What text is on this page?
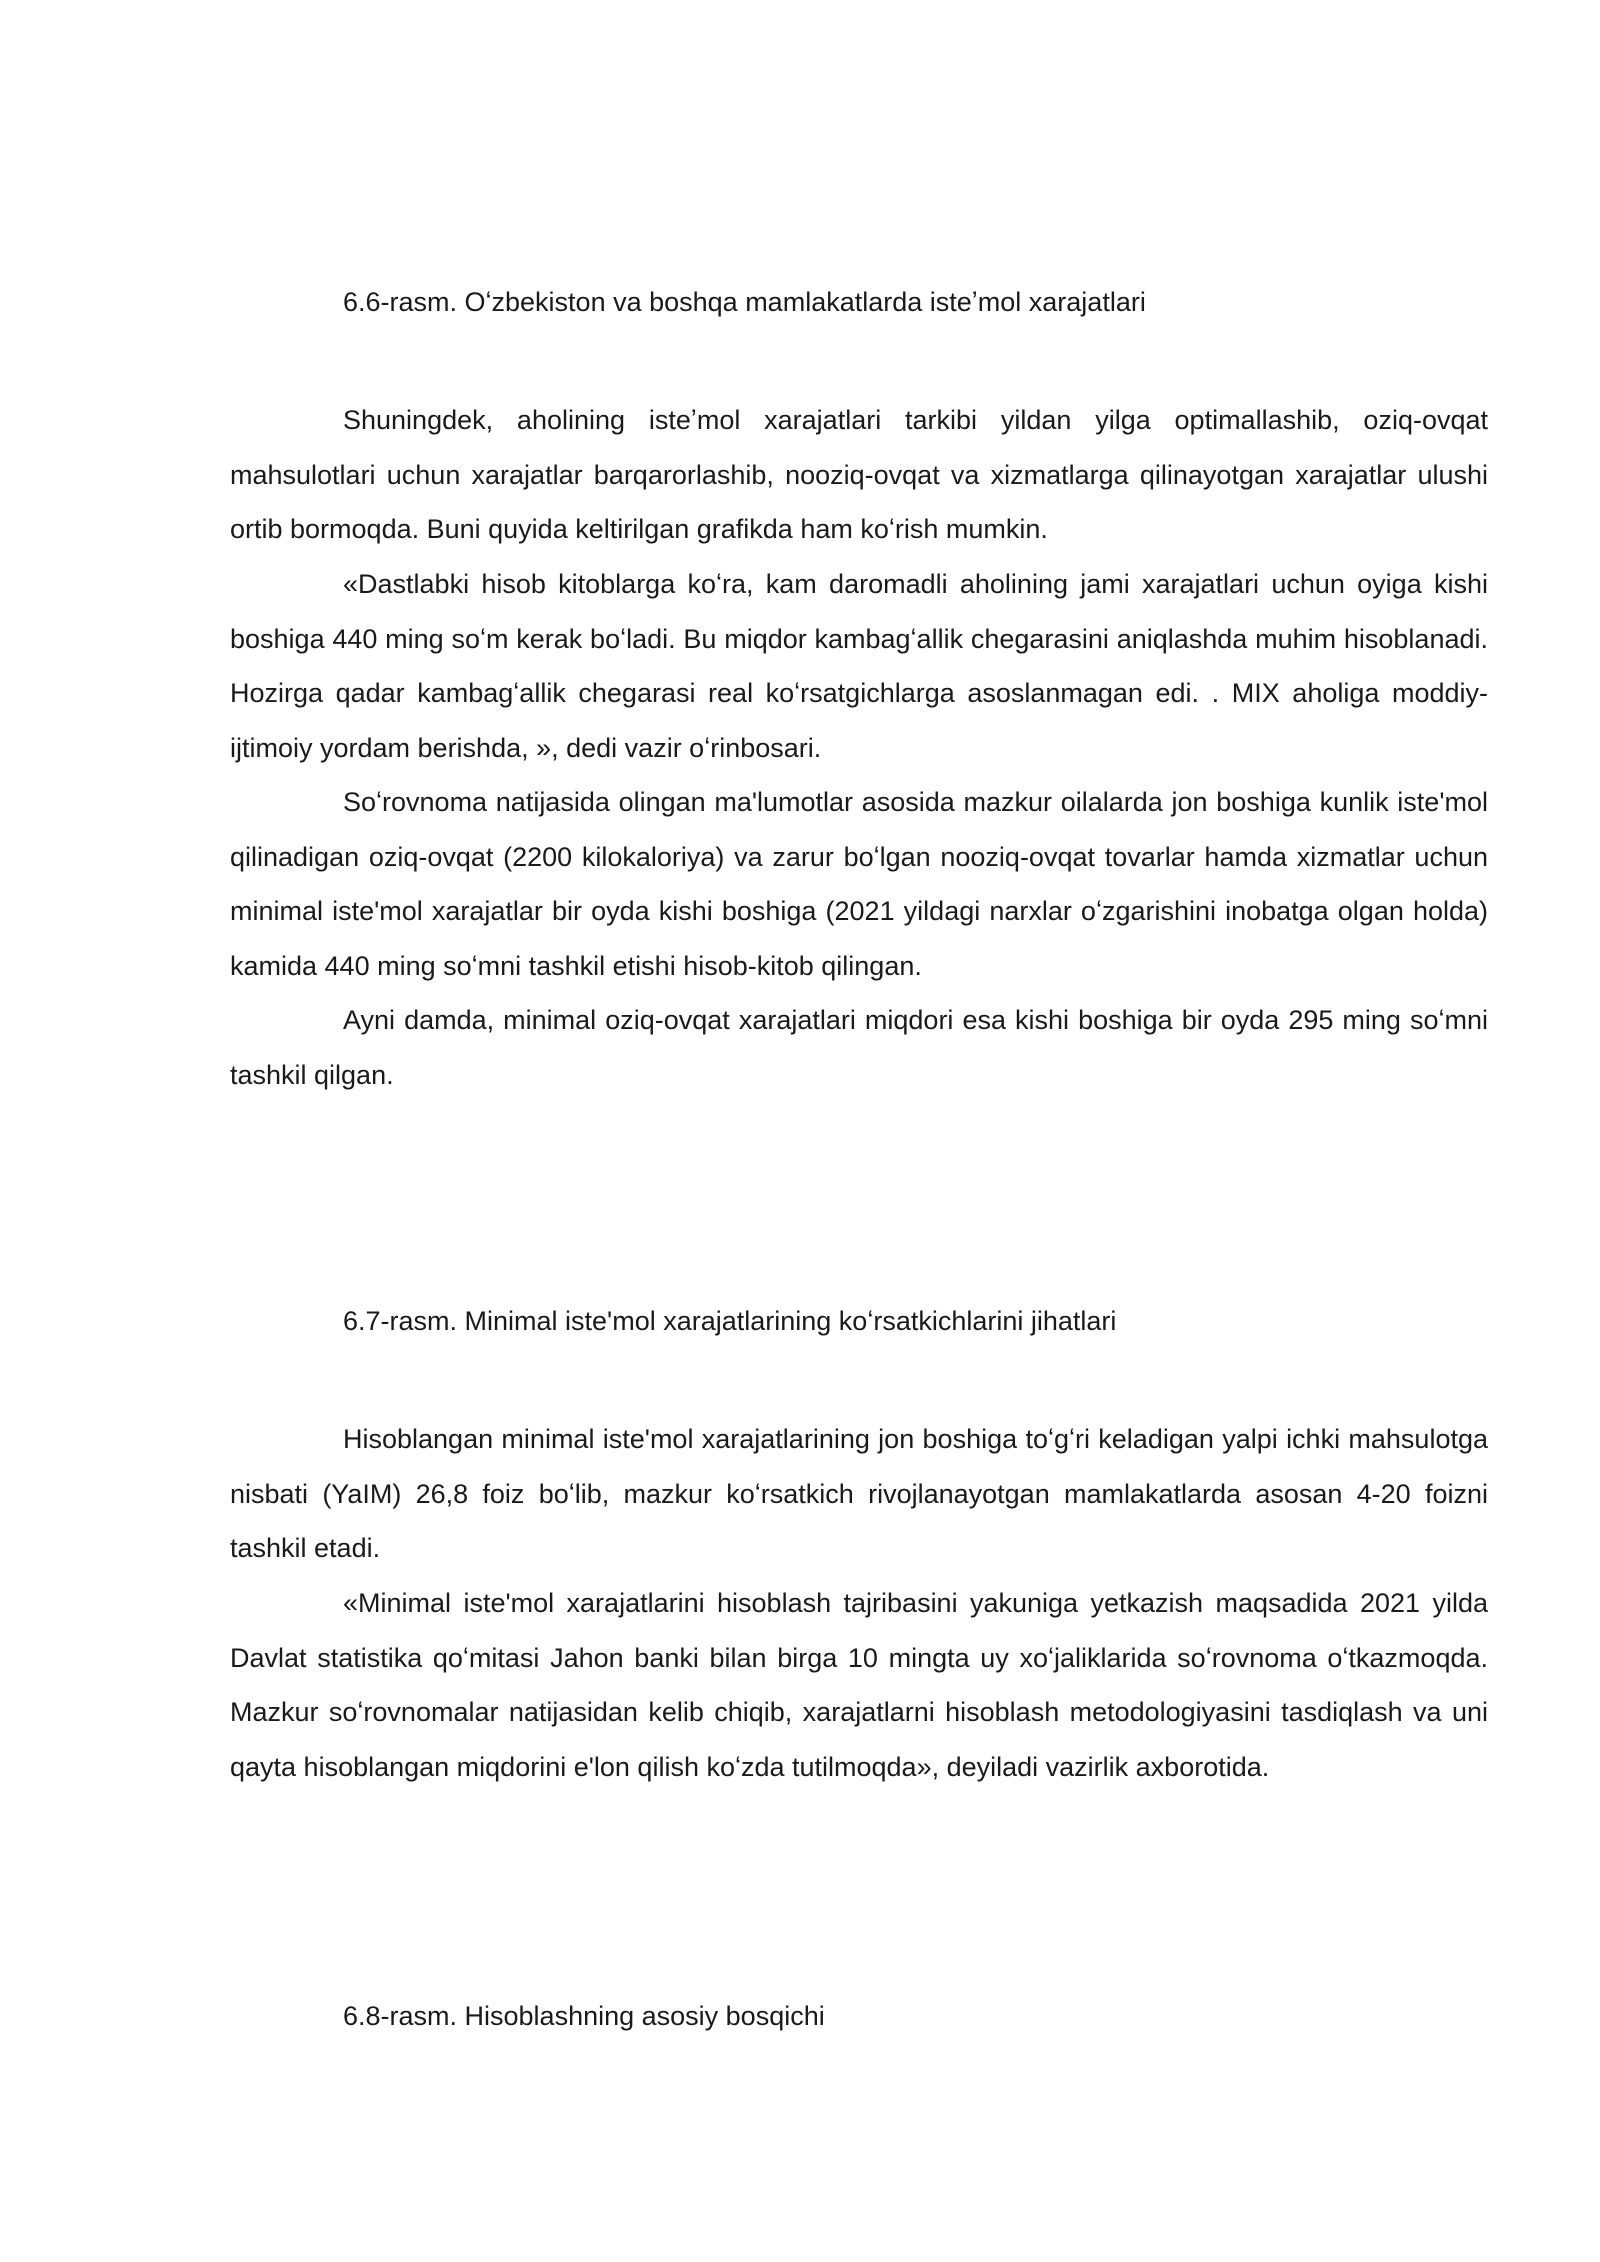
6.6-rasm. Oʻzbekiston va boshqa mamlakatlarda isteʼmol xarajatlari

Shuningdek, aholining isteʼmol xarajatlari tarkibi yildan yilga optimallashib, oziq-ovqat mahsulotlari uchun xarajatlar barqarorlashib, nooziq-ovqat va xizmatlarga qilinayotgan xarajatlar ulushi ortib bormoqda. Buni quyida keltirilgan grafikda ham koʻrish mumkin.

«Dastlabki hisob kitoblarga koʻra, kam daromadli aholining jami xarajatlari uchun oyiga kishi boshiga 440 ming soʻm kerak boʻladi. Bu miqdor kambagʻallik chegarasini aniqlashda muhim hisoblanadi. Hozirga qadar kambagʻallik chegarasi real koʻrsatgichlarga asoslanmagan edi. . MIX aholiga moddiy-ijtimoiy yordam berishda, », dedi vazir oʻrinbosari.

Soʻrovnoma natijasida olingan ma'lumotlar asosida mazkur oilalarda jon boshiga kunlik iste'mol qilinadigan oziq-ovqat (2200 kilokaloriya) va zarur boʻlgan nooziq-ovqat tovarlar hamda xizmatlar uchun minimal iste'mol xarajatlar bir oyda kishi boshiga (2021 yildagi narxlar oʻzgarishini inobatga olgan holda) kamida 440 ming soʻmni tashkil etishi hisob-kitob qilingan.

Ayni damda, minimal oziq-ovqat xarajatlari miqdori esa kishi boshiga bir oyda 295 ming soʻmni tashkil qilgan.

6.7-rasm. Minimal iste'mol xarajatlarining koʻrsatkichlarini jihatlari

Hisoblangan minimal iste'mol xarajatlarining jon boshiga toʻgʻri keladigan yalpi ichki mahsulotga nisbati (YaIM) 26,8 foiz boʻlib, mazkur koʻrsatkich rivojlanayotgan mamlakatlarda asosan 4-20 foizni tashkil etadi.

«Minimal iste'mol xarajatlarini hisoblash tajribasini yakuniga yetkazish maqsadida 2021 yilda Davlat statistika qoʻmitasi Jahon banki bilan birga 10 mingta uy xoʻjaliklarida soʻrovnoma oʻtkazmoqda. Mazkur soʻrovnomalar natijasidan kelib chiqib, xarajatlarni hisoblash metodologiyasini tasdiqlash va uni qayta hisoblangan miqdorini e'lon qilish koʻzda tutilmoqda», deyiladi vazirlik axborotida.

6.8-rasm. Hisoblashning asosiy bosqichi
